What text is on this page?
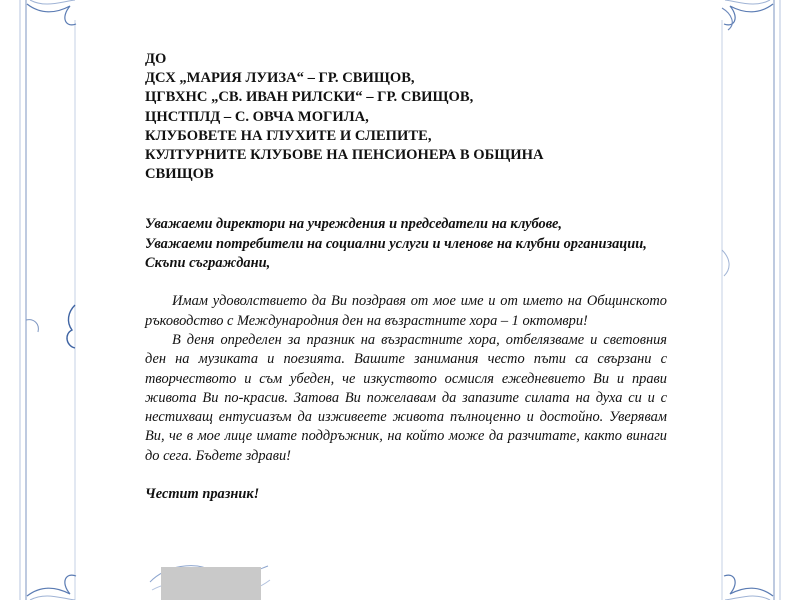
ДО
ДСХ „МАРИЯ ЛУИЗА“ – ГР. СВИЩОВ,
ЦГВХНС „СВ. ИВАН РИЛСКИ“ – ГР. СВИЩОВ,
ЦНСТПЛД – С. ОВЧА МОГИЛА,
КЛУБОВЕТЕ НА ГЛУХИТЕ И СЛЕПИТЕ,
КУЛТУРНИТЕ КЛУБОВЕ НА ПЕНСИОНЕРА В ОБЩИНА
СВИЩОВ
Уважаеми директори на учреждения и председатели на клубове,
Уважаеми потребители на социални услуги и членове на клубни организации,
Скъпи съграждани,

Имам удоволствието да Ви поздравя от мое име и от името на Общинското ръководство с Международния ден на възрастните хора – 1 октомври!

В деня определен за празник на възрастните хора, отбелязваме и световния ден на музиката и поезията. Вашите занимания често пъти са свързани с творчеството и съм убеден, че изкуството осмисля ежедневието Ви и прави живота Ви по-красив. Затова Ви пожелавам да запазите силата на духа си и с нестихващ ентусиазъм да изживеете живота пълноценно и достойно. Уверявам Ви, че в мое лице имате поддръжник, на който може да разчитате, както винаги до сега. Бъдете здрави!

Честит празник!
